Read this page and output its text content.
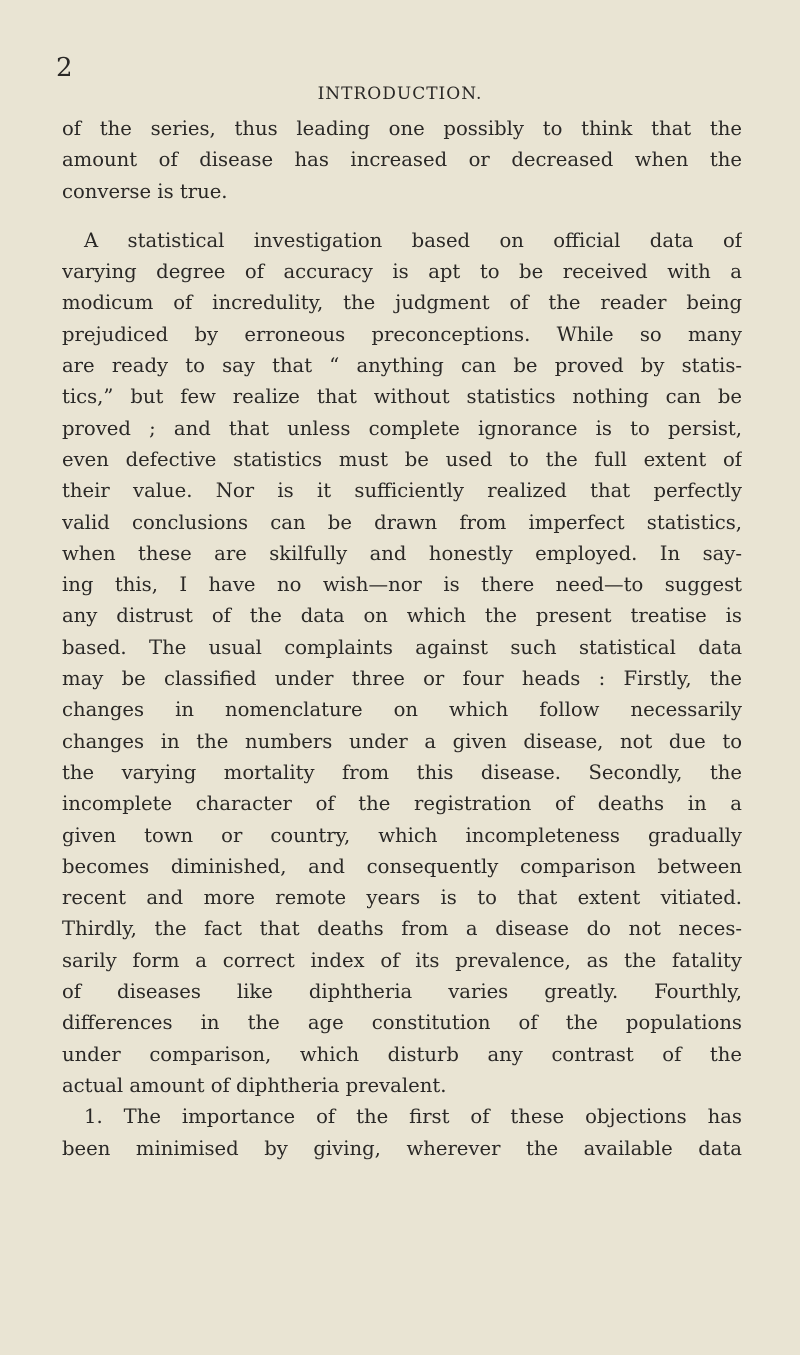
2
INTRODUCTION.

of the series, thus leading one possibly to think that the
amount of disease has increased or decreased when the
converse is true.

A statistical investigation based on official data of
varying degree of accuracy is apt to be received with a
modicum of incredulity, the judgment of the reader being
prejudiced by erroneous preconceptions. While so many
are ready to say that “ anything can be proved by statis-
tics,” but few realize that without statistics nothing can be
proved ; and that unless complete ignorance is to persist,
even defective statistics must be used to the full extent of
their value. Nor is it sufficiently realized that perfectly
valid conclusions can be drawn from imperfect statistics,
when these are skilfully and honestly employed. In say-
ing this, I have no wish—nor is there need—to suggest
any distrust of the data on which the present treatise is
based. The usual complaints against such statistical data
may be classified under three or four heads : Firstly, the
changes in nomenclature on which follow necessarily
changes in the numbers under a given disease, not due to
the varying mortality from this disease. Secondly, the
incomplete character of the registration of deaths in a
given town or country, which incompleteness gradually
becomes diminished, and consequently comparison between
recent and more remote years is to that extent vitiated.
Thirdly, the fact that deaths from a disease do not neces-
sarily form a correct index of its prevalence, as the fatality
of diseases like diphtheria varies greatly. Fourthly,
differences in the age constitution of the populations
under comparison, which disturb any contrast of the
actual amount of diphtheria prevalent.

1. The importance of the first of these objections has
been minimised by giving, wherever the available data
